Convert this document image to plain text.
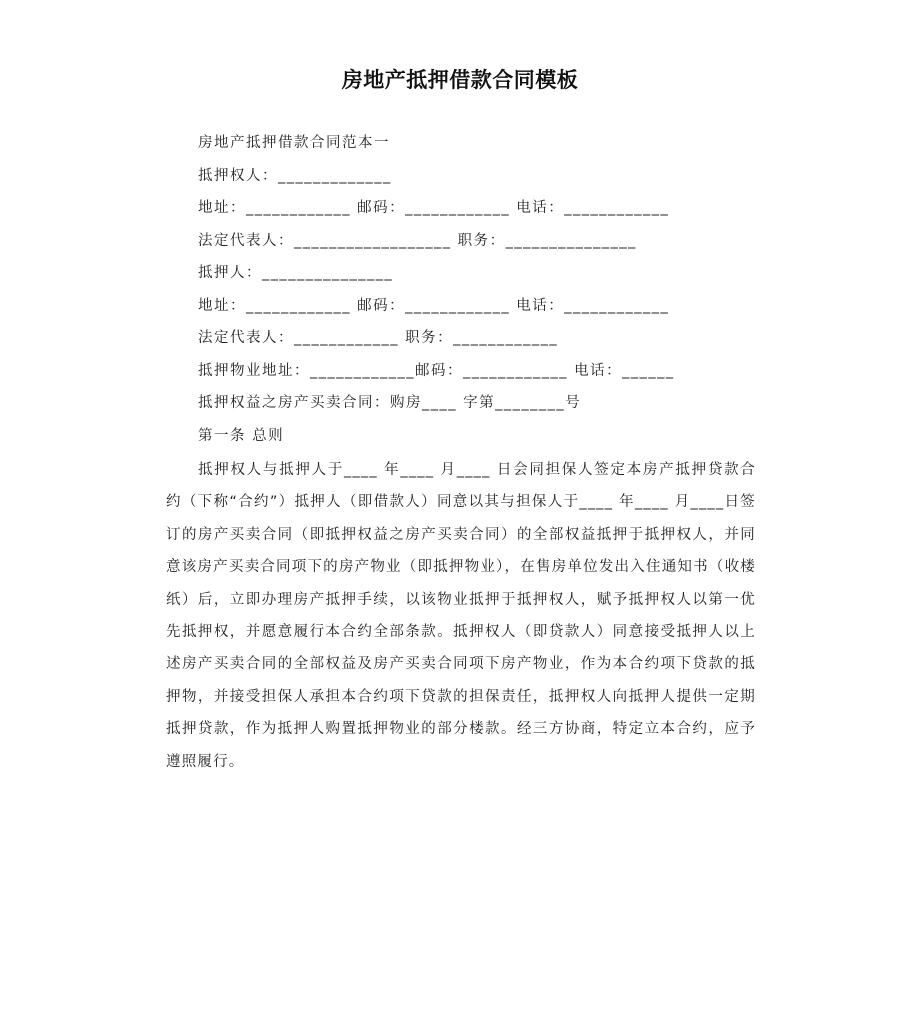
房地产抵押借款合同模板
房地产抵押借款合同范本一
抵押权人：_____________
地址：____________ 邮码：____________ 电话：____________
法定代表人：__________________ 职务：_______________
抵押人：_______________
地址：____________ 邮码：____________ 电话：____________
法定代表人：____________ 职务：____________
抵押物业地址：____________邮码：____________ 电话：______
抵押权益之房产买卖合同：购房____ 字第________号
第一条 总则

抵押权人与抵押人于____ 年____ 月____ 日会同担保人签定本房产抵押贷款合约（下称“合约”）抵押人（即借款人）同意以其与担保人于____ 年____ 月____日签订的房产买卖合同（即抵押权益之房产买卖合同）的全部权益抵押于抵押权人，并同意该房产买卖合同项下的房产物业（即抵押物业），在售房单位发出入住通知书（收楼纸）后，立即办理房产抵押手续，以该物业抵押于抵押权人，赋予抵押权人以第一优先抵押权，并愿意履行本合约全部条款。抵押权人（即贷款人）同意接受抵押人以上述房产买卖合同的全部权益及房产买卖合同项下房产物业，作为本合约项下贷款的抵押物，并接受担保人承担本合约项下贷款的担保责任，抵押权人向抵押人提供一定期抵押贷款，作为抵押人购置抵押物业的部分楼款。经三方协商，特定立本合约，应予遵照履行。
